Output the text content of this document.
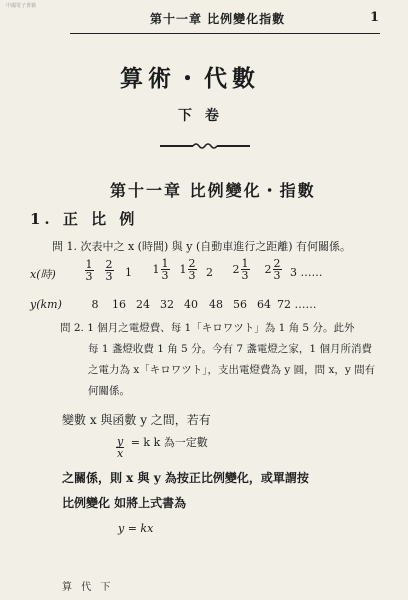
中國電子書籍
第十一章 比例變化指數	1
算術・代數
下 卷
第十一章 比例變化・指數
1. 正 比 例
問 1. 次表中之 x (時間) 與 y (自動車進行之距離) 有何關係。
x(時)	$\frac{1}{3} \frac{2}{3} 1$ $1 \frac{1}{3} 1 \frac{2}{3} 2$ $2 \frac{1}{3} 2 \frac{2}{3} 3$ ……
y(km)	8	16 24 32 40	48 56 64 72 ……
問 2. 1 個月之電燈費、每 1「キロワツト」為 1 角 5 分。此外
每 1 盞燈收費 1 角 5 分。今有 7 盞電燈之家，1 個月所消費
之電力為 x「キロワツト」，支出電燈費為 y 圓，問 x，y 間有
何關係。
變數 x 與函數 y 之間，若有
$\frac{y}{x} = k$ k 為一定數
之關係，則 x 與 y 為按正比例變化，或單謂按
比例變化 如將上式書為
y = kx
算 代 下
